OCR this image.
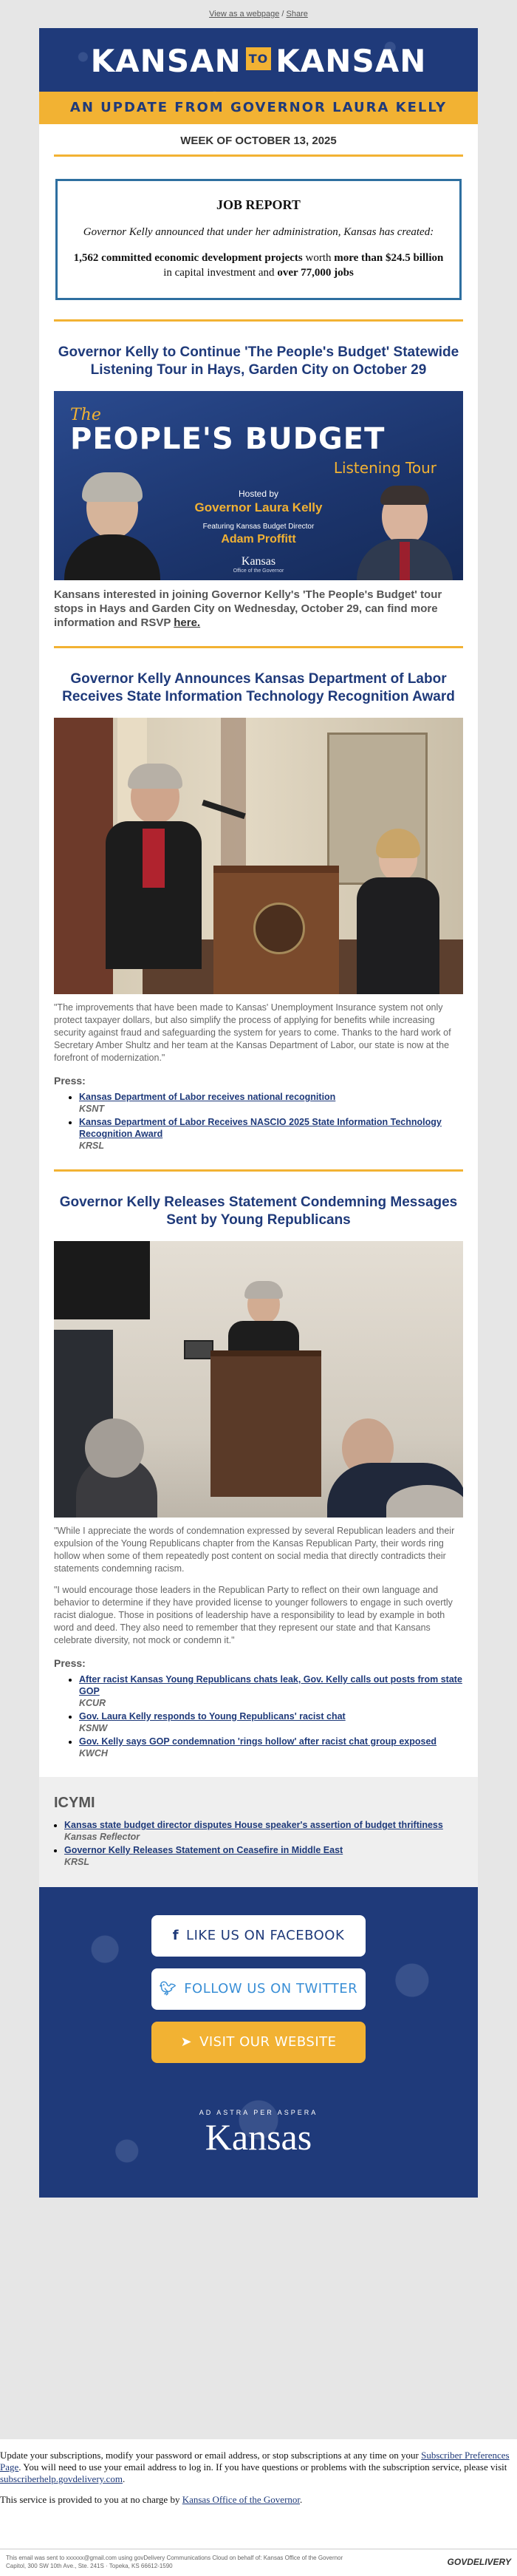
View as a webpage / Share
KANSAN TO KANSAN
AN UPDATE FROM GOVERNOR LAURA KELLY
WEEK OF OCTOBER 13, 2025
JOB REPORT
Governor Kelly announced that under her administration, Kansas has created:
1,562 committed economic development projects worth more than $24.5 billion in capital investment and over 77,000 jobs
Governor Kelly to Continue 'The People's Budget' Statewide Listening Tour in Hays, Garden City on October 29
The
PEOPLE'S BUDGET
Listening Tour
Hosted by
Governor Laura Kelly
Featuring Kansas Budget Director
Adam Proffitt
Kansas
Office of the Governor
Kansans interested in joining Governor Kelly's 'The People's Budget' tour stops in Hays and Garden City on Wednesday, October 29, can find more information and RSVP here.
Governor Kelly Announces Kansas Department of Labor Receives State Information Technology Recognition Award
"The improvements that have been made to Kansas' Unemployment Insurance system not only protect taxpayer dollars, but also simplify the process of applying for benefits while increasing security against fraud and safeguarding the system for years to come. Thanks to the hard work of Secretary Amber Shultz and her team at the Kansas Department of Labor, our state is now at the forefront of modernization."
Press:
• Kansas Department of Labor receives national recognition
KSNT
• Kansas Department of Labor Receives NASCIO 2025 State Information Technology Recognition Award
KRSL
Governor Kelly Releases Statement Condemning Messages Sent by Young Republicans
"While I appreciate the words of condemnation expressed by several Republican leaders and their expulsion of the Young Republicans chapter from the Kansas Republican Party, their words ring hollow when some of them repeatedly post content on social media that directly contradicts their statements condemning racism.
"I would encourage those leaders in the Republican Party to reflect on their own language and behavior to determine if they have provided license to younger followers to engage in such overtly racist dialogue. Those in positions of leadership have a responsibility to lead by example in both word and deed. They also need to remember that they represent our state and that Kansans celebrate diversity, not mock or condemn it."
Press:
• After racist Kansas Young Republicans chats leak, Gov. Kelly calls out posts from state GOP
KCUR
• Gov. Laura Kelly responds to Young Republicans' racist chat
KSNW
• Gov. Kelly says GOP condemnation 'rings hollow' after racist chat group exposed
KWCH
ICYMI
• Kansas state budget director disputes House speaker's assertion of budget thriftiness
Kansas Reflector
• Governor Kelly Releases Statement on Ceasefire in Middle East
KRSL
f LIKE US ON FACEBOOK
🐦︎ FOLLOW US ON TWITTER
➤ VISIT OUR WEBSITE
AD ASTRA PER ASPERA
Kansas

Update your subscriptions, modify your password or email address, or stop subscriptions at any time on your Subscriber Preferences Page. You will need to use your email address to log in. If you have questions or problems with the subscription service, please visit subscriberhelp.govdelivery.com.

This service is provided to you at no charge by Kansas Office of the Governor.

This email was sent to xxxxxx@gmail.com using govDelivery Communications Cloud on behalf of: Kansas Office of the Governor
Capitol, 300 SW 10th Ave., Ste. 241S · Topeka, KS 66612-1590	GOVDELIVERY
